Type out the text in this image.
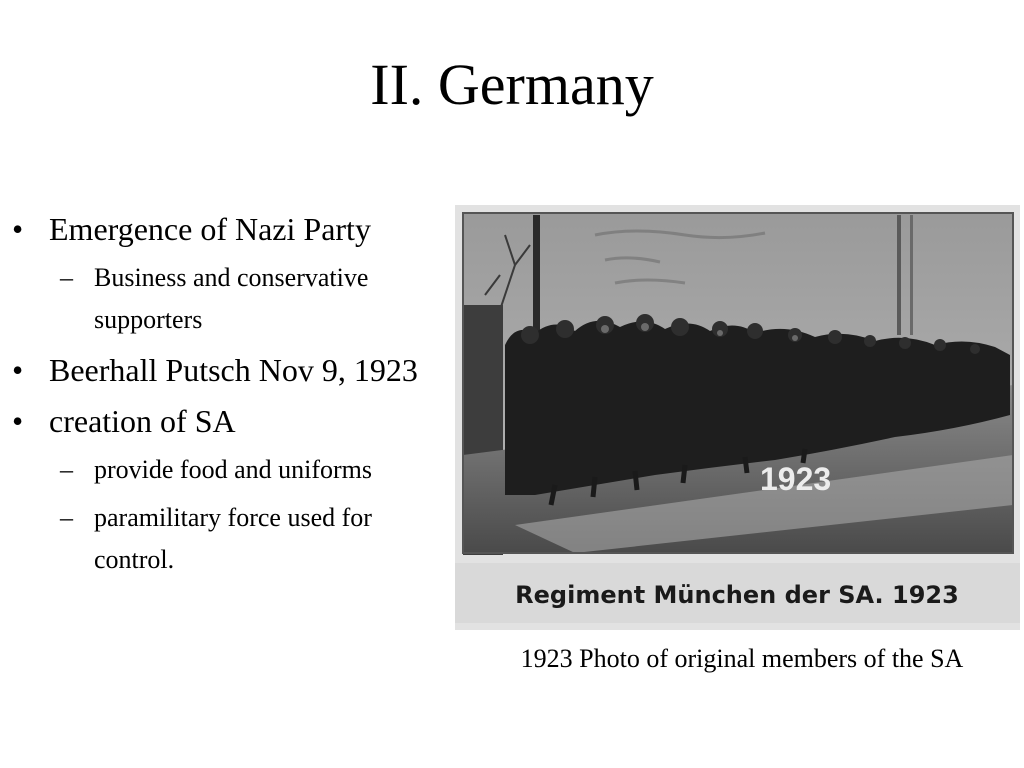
II. Germany
• Emergence of Nazi Party
– Business and conservative supporters
• Beerhall Putsch Nov 9, 1923
• creation of SA
– provide food and uniforms
– paramilitary force used for control.
1923
Regiment München der SA. 1923
1923 Photo of original members of the SA
